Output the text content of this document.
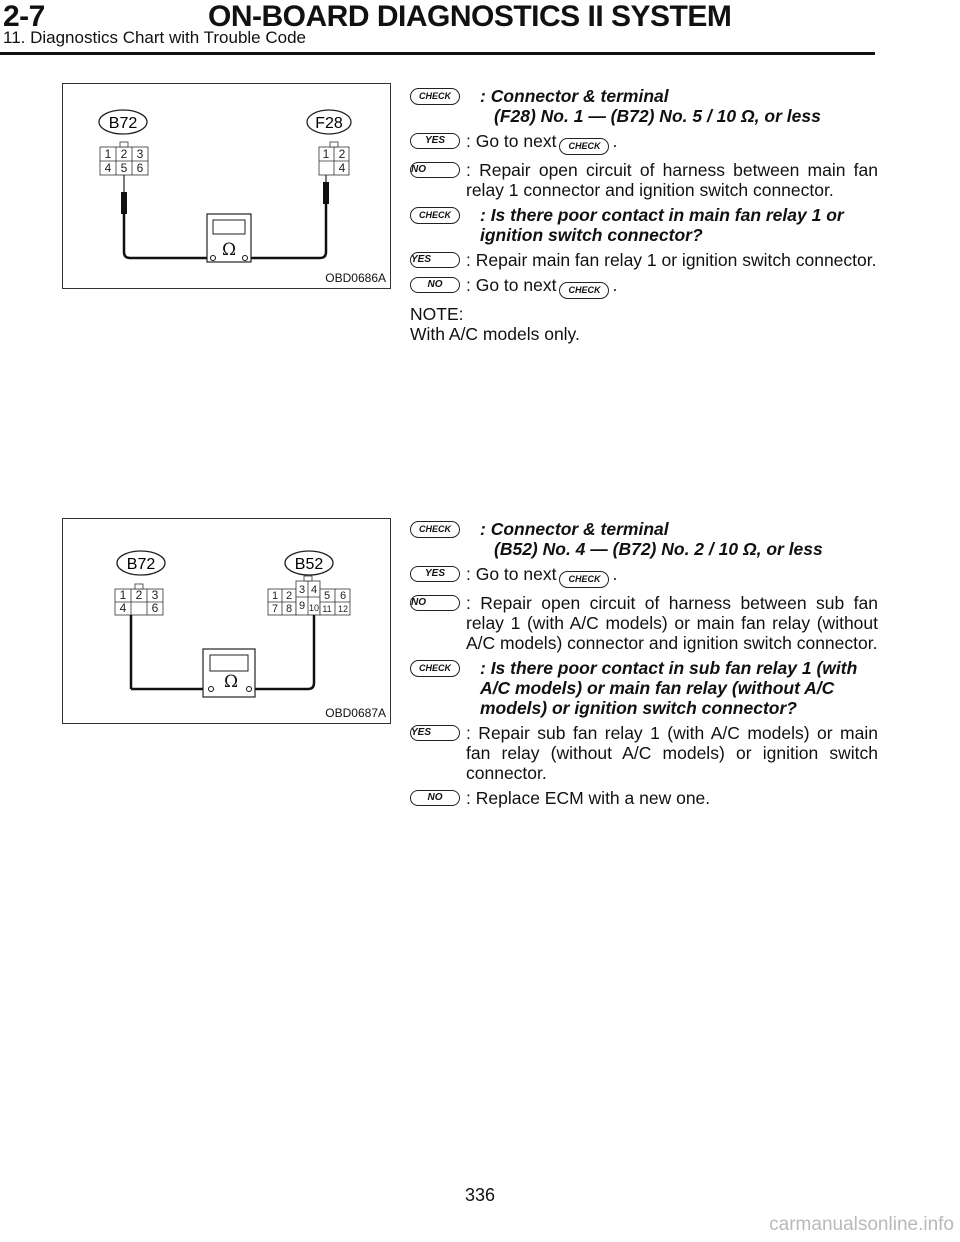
2-7	ON-BOARD DIAGNOSTICS II SYSTEM
11. Diagnostics Chart with Trouble Code
B72	F28
1 2 3
4 5 6
1 2
4
Ω
OBD0686A
CHECK	: Connector & terminal
(F28) No. 1 — (B72) No. 5 / 10 Ω, or less
YES	: Go to next CHECK .
NO	: Repair open circuit of harness between main fan relay 1 connector and ignition switch connector.
CHECK	: Is there poor contact in main fan relay 1 or ignition switch connector?
YES	: Repair main fan relay 1 or ignition switch connector.
NO	: Go to next CHECK .
NOTE:
With A/C models only.
B72	B52
1 2 3
4 6
1 2 3 4 5 6
7 8 9 10 11 12
Ω
OBD0687A
CHECK	: Connector & terminal
(B52) No. 4 — (B72) No. 2 / 10 Ω, or less
YES	: Go to next CHECK .
NO	: Repair open circuit of harness between sub fan relay 1 (with A/C models) or main fan relay (without A/C models) connector and ignition switch connector.
CHECK	: Is there poor contact in sub fan relay 1 (with A/C models) or main fan relay (without A/C models) or ignition switch connector?
YES	: Repair sub fan relay 1 (with A/C models) or main fan relay (without A/C models) or ignition switch connector.
NO	: Replace ECM with a new one.
336
carmanualsonline.info
